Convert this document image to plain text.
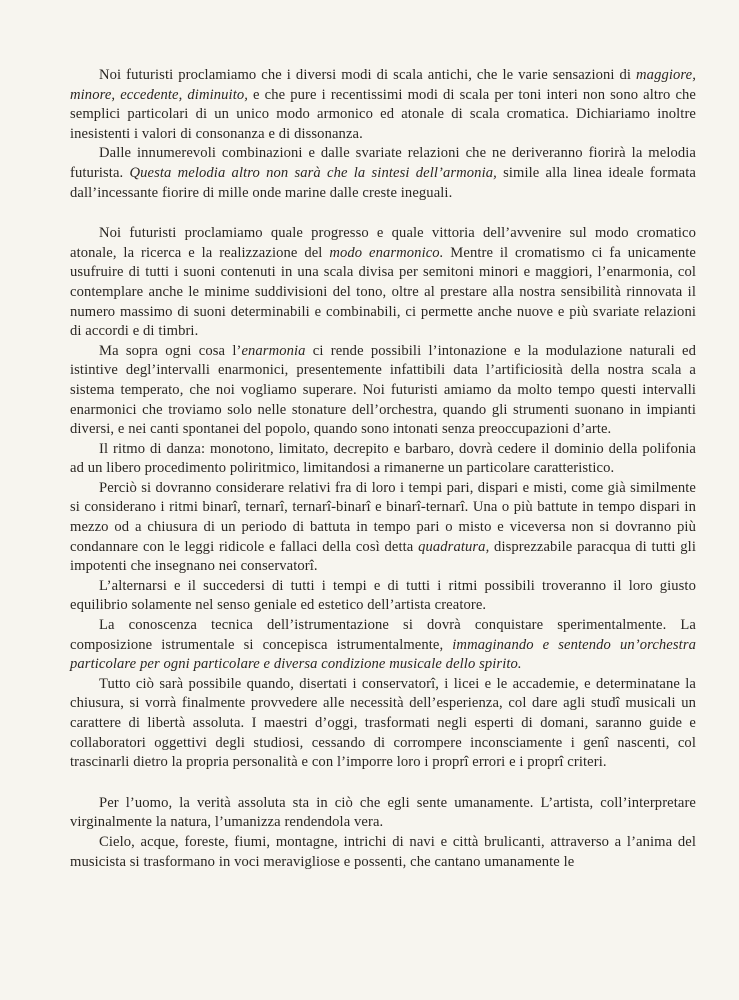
Noi futuristi proclamiamo che i diversi modi di scala antichi, che le varie sensazioni di maggiore, minore, eccedente, diminuito, e che pure i recentissimi modi di scala per toni interi non sono altro che semplici particolari di un unico modo armonico ed atonale di scala cromatica. Dichiariamo inoltre inesistenti i valori di consonanza e di dissonanza.

Dalle innumerevoli combinazioni e dalle svariate relazioni che ne deriveranno fiorirà la melodia futurista. Questa melodia altro non sarà che la sintesi dell’armonia, simile alla linea ideale formata dall’incessante fiorire di mille onde marine dalle creste ineguali.

Noi futuristi proclamiamo quale progresso e quale vittoria dell’avvenire sul modo cromatico atonale, la ricerca e la realizzazione del modo enarmonico. Mentre il cromatismo ci fa unicamente usufruire di tutti i suoni contenuti in una scala divisa per semitoni minori e maggiori, l’enarmonia, col contemplare anche le minime suddivisioni del tono, oltre al prestare alla nostra sensibilità rinnovata il numero massimo di suoni determinabili e combinabili, ci permette anche nuove e più svariate relazioni di accordi e di timbri.

Ma sopra ogni cosa l’enarmonia ci rende possibili l’intonazione e la modulazione naturali ed istintive degl’intervalli enarmonici, presentemente infattibili data l’artificiosità della nostra scala a sistema temperato, che noi vogliamo superare. Noi futuristi amiamo da molto tempo questi intervalli enarmonici che troviamo solo nelle stonature dell’orchestra, quando gli strumenti suonano in impianti diversi, e nei canti spontanei del popolo, quando sono intonati senza preoccupazioni d’arte.

Il ritmo di danza: monotono, limitato, decrepito e barbaro, dovrà cedere il dominio della polifonia ad un libero procedimento poliritmico, limitandosi a rimanerne un particolare caratteristico.

Perciò si dovranno considerare relativi fra di loro i tempi pari, dispari e misti, come già similmente si considerano i ritmi binarî, ternarî, ternarî-binarî e binarî-ternarî. Una o più battute in tempo dispari in mezzo od a chiusura di un periodo di battuta in tempo pari o misto e viceversa non si dovranno più condannare con le leggi ridicole e fallaci della così detta quadratura, disprezzabile paracqua di tutti gli impotenti che insegnano nei conservatorî.

L’alternarsi e il succedersi di tutti i tempi e di tutti i ritmi possibili troveranno il loro giusto equilibrio solamente nel senso geniale ed estetico dell’artista creatore.

La conoscenza tecnica dell’istrumentazione si dovrà conquistare sperimentalmente. La composizione istrumentale si concepisca istrumentalmente, immaginando e sentendo un’orchestra particolare per ogni particolare e diversa condizione musicale dello spirito.

Tutto ciò sarà possibile quando, disertati i conservatorî, i licei e le accademie, e determinatane la chiusura, si vorrà finalmente provvedere alle necessità dell’esperienza, col dare agli studî musicali un carattere di libertà assoluta. I maestri d’oggi, trasformati negli esperti di domani, saranno guide e collaboratori oggettivi degli studiosi, cessando di corrompere inconsciamente i genî nascenti, col trascinarli dietro la propria personalità e con l’imporre loro i proprî errori e i proprî criteri.

Per l’uomo, la verità assoluta sta in ciò che egli sente umanamente. L’artista, coll’interpretare virginalmente la natura, l’umanizza rendendola vera.

Cielo, acque, foreste, fiumi, montagne, intrichi di navi e città brulicanti, attraverso a l’anima del musicista si trasformano in voci meravigliose e possenti, che cantano umanamente le
